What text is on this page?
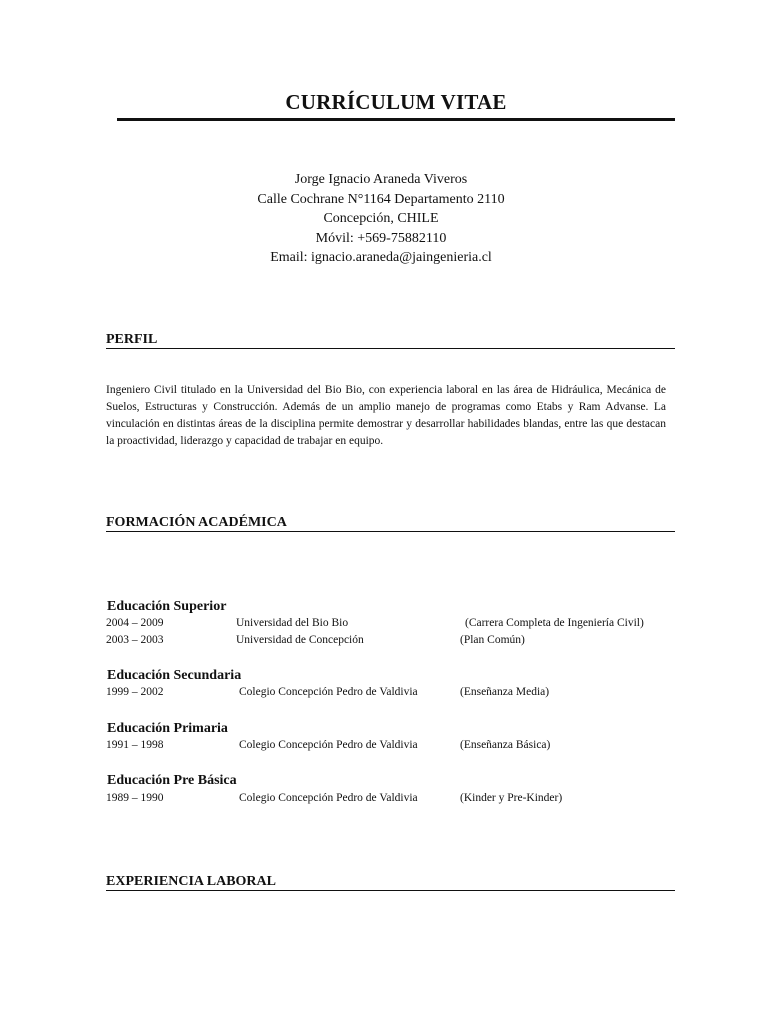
CURRÍCULUM VITAE
Jorge Ignacio Araneda Viveros
Calle Cochrane N°1164 Departamento 2110
Concepción, CHILE
Móvil: +569-75882110
Email: ignacio.araneda@jaingenieria.cl
PERFIL
Ingeniero Civil titulado en la Universidad del Bio Bio, con experiencia laboral en las área de Hidráulica, Mecánica de Suelos, Estructuras y Construcción. Además de un amplio manejo de programas como Etabs y Ram Advanse. La vinculación en distintas áreas de la disciplina permite demostrar y desarrollar habilidades blandas, entre las que destacan la proactividad, liderazgo y capacidad de trabajar en equipo.
FORMACIÓN ACADÉMICA
Educación Superior
2004 – 2009	Universidad del Bio Bio	(Carrera Completa de Ingeniería Civil)
2003 – 2003	Universidad de Concepción	(Plan Común)
Educación Secundaria
1999 – 2002	Colegio Concepción Pedro de Valdivia	(Enseñanza Media)
Educación Primaria
1991 – 1998	Colegio Concepción Pedro de Valdivia	(Enseñanza Básica)
Educación Pre Básica
1989 – 1990	Colegio Concepción Pedro de Valdivia	(Kinder y Pre-Kinder)
EXPERIENCIA LABORAL
